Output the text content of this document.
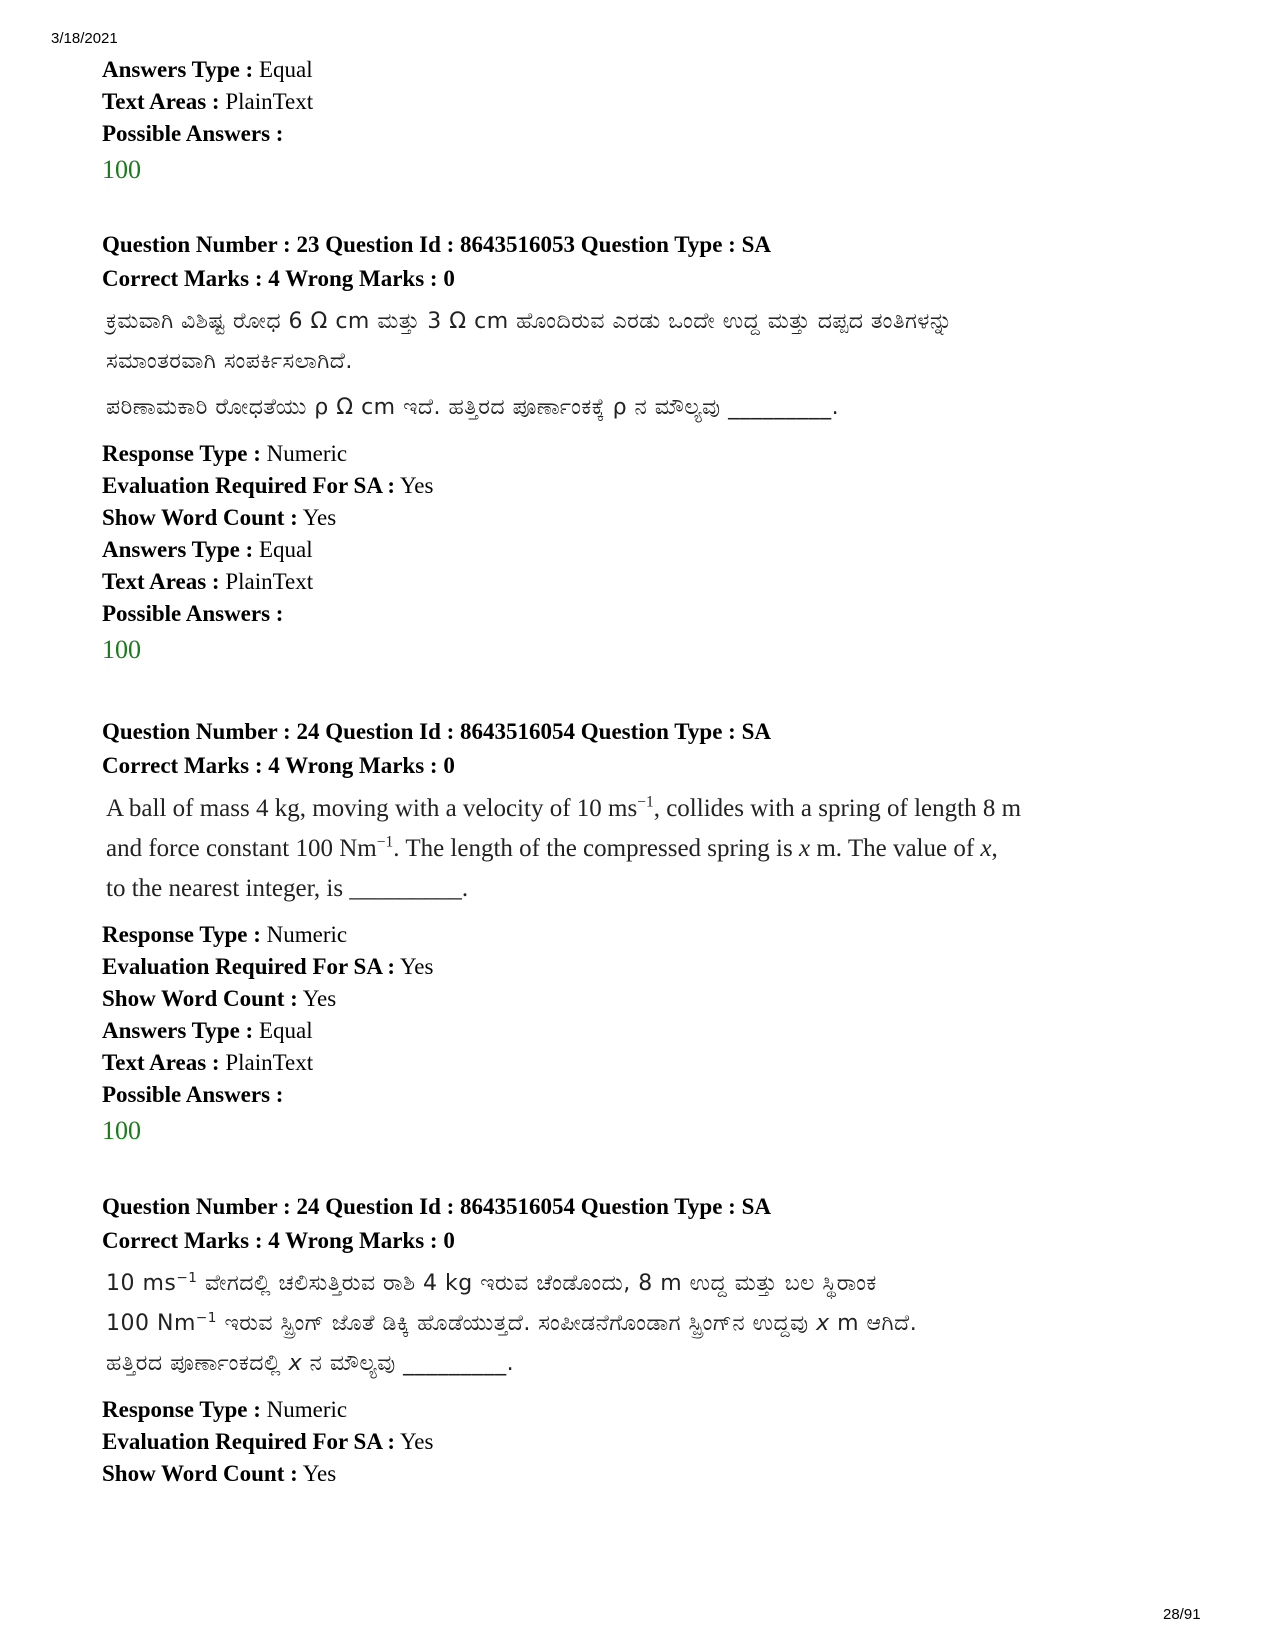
3/18/2021
Answers Type : Equal
Text Areas : PlainText
Possible Answers :
100
Question Number : 23 Question Id : 8643516053 Question Type : SA
Correct Marks : 4 Wrong Marks : 0
ಕ್ರಮವಾಗಿ ವಿಶಿಷ್ಟ ರೋಧ 6 Ω cm ಮತ್ತು 3 Ω cm ಹೊಂದಿರುವ ಎರಡು ಒಂದೇ ಉದ್ದ ಮತ್ತು ದಪ್ಪದ ತಂತಿಗಳನ್ನು
ಸಮಾಂತರವಾಗಿ ಸಂಪರ್ಕಿಸಲಾಗಿದೆ.
ಪರಿಣಾಮಕಾರಿ ರೋಧತೆಯು ρ Ω cm ಇದೆ. ಹತ್ತಿರದ ಪೂರ್ಣಾಂಕಕ್ಕೆ ρ ನ ಮೌಲ್ಯವು _________.
Response Type : Numeric
Evaluation Required For SA : Yes
Show Word Count : Yes
Answers Type : Equal
Text Areas : PlainText
Possible Answers :
100
Question Number : 24 Question Id : 8643516054 Question Type : SA
Correct Marks : 4 Wrong Marks : 0
A ball of mass 4 kg, moving with a velocity of 10 $ms^{-1}$, collides with a spring of length 8 m
and force constant 100 $Nm^{-1}$. The length of the compressed spring is x m. The value of x,
to the nearest integer, is _________.
Response Type : Numeric
Evaluation Required For SA : Yes
Show Word Count : Yes
Answers Type : Equal
Text Areas : PlainText
Possible Answers :
100
Question Number : 24 Question Id : 8643516054 Question Type : SA
Correct Marks : 4 Wrong Marks : 0
10 $ms^{-1}$ ವೇಗದಲ್ಲಿ ಚಲಿಸುತ್ತಿರುವ ರಾಶಿ 4 kg ಇರುವ ಚೆಂಡೊಂದು, 8 m ಉದ್ದ ಮತ್ತು ಬಲ ಸ್ಥಿರಾಂಕ
100 $Nm^{-1}$ ಇರುವ ಸ್ಪ್ರಿಂಗ್ ಜೊತೆ ಡಿಕ್ಕಿ ಹೊಡೆಯುತ್ತದೆ. ಸಂಪೀಡನೆಗೊಂಡಾಗ ಸ್ಪ್ರಿಂಗ್‌ನ ಉದ್ದವು x m ಆಗಿದೆ.
ಹತ್ತಿರದ ಪೂರ್ಣಾಂಕದಲ್ಲಿ x ನ ಮೌಲ್ಯವು _________.
Response Type : Numeric
Evaluation Required For SA : Yes
Show Word Count : Yes
28/91
